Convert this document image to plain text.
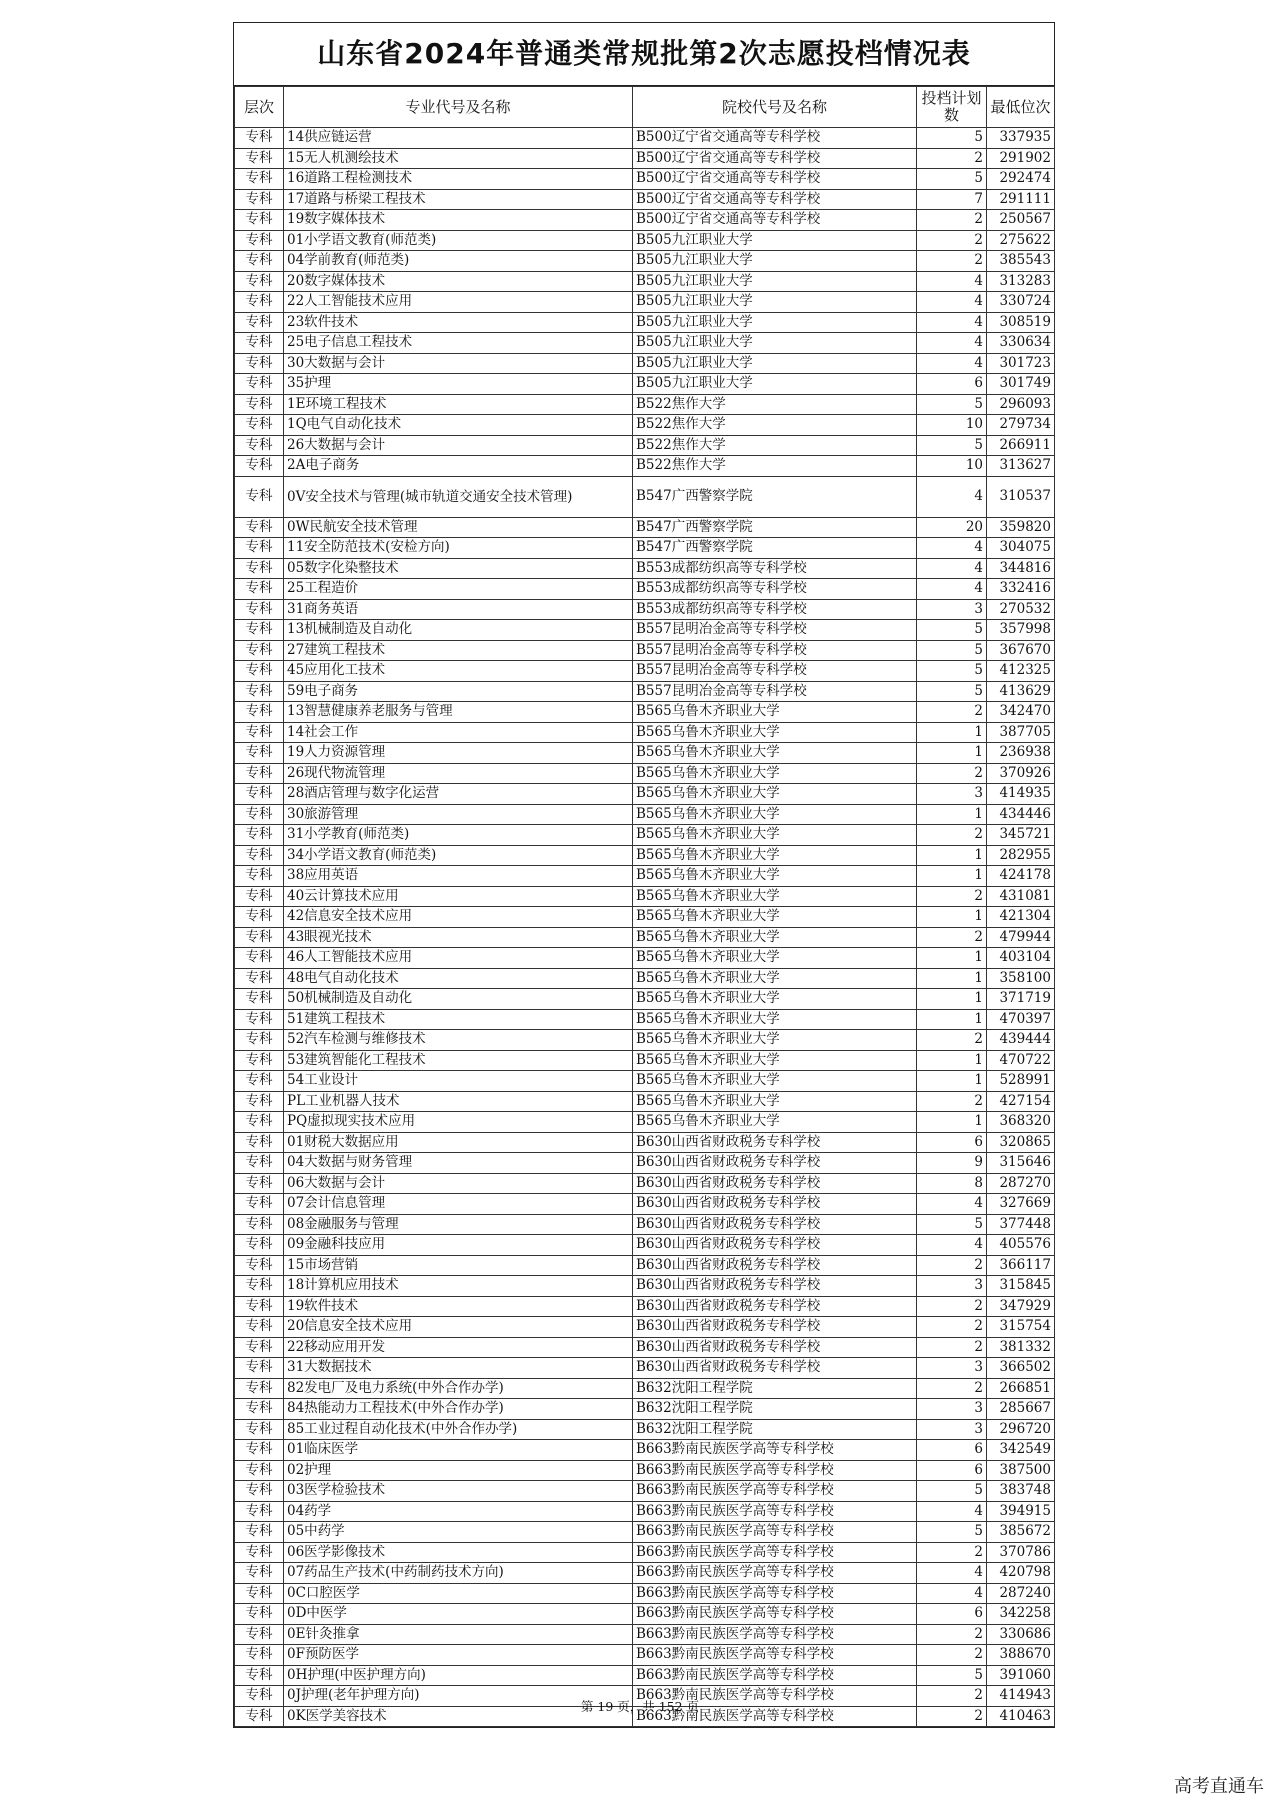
山东省2024年普通类常规批第2次志愿投档情况表
层次	专业代号及名称	院校代号及名称	投档计划数	最低位次
专科	14供应链运营	B500辽宁省交通高等专科学校	5	337935
专科	15无人机测绘技术	B500辽宁省交通高等专科学校	2	291902
专科	16道路工程检测技术	B500辽宁省交通高等专科学校	5	292474
专科	17道路与桥梁工程技术	B500辽宁省交通高等专科学校	7	291111
专科	19数字媒体技术	B500辽宁省交通高等专科学校	2	250567
专科	01小学语文教育(师范类)	B505九江职业大学	2	275622
专科	04学前教育(师范类)	B505九江职业大学	2	385543
专科	20数字媒体技术	B505九江职业大学	4	313283
专科	22人工智能技术应用	B505九江职业大学	4	330724
专科	23软件技术	B505九江职业大学	4	308519
专科	25电子信息工程技术	B505九江职业大学	4	330634
专科	30大数据与会计	B505九江职业大学	4	301723
专科	35护理	B505九江职业大学	6	301749
专科	1E环境工程技术	B522焦作大学	5	296093
专科	1Q电气自动化技术	B522焦作大学	10	279734
专科	26大数据与会计	B522焦作大学	5	266911
专科	2A电子商务	B522焦作大学	10	313627
专科	0V安全技术与管理(城市轨道交通安全技术管理)	B547广西警察学院	4	310537
专科	0W民航安全技术管理	B547广西警察学院	20	359820
专科	11安全防范技术(安检方向)	B547广西警察学院	4	304075
专科	05数字化染整技术	B553成都纺织高等专科学校	4	344816
专科	25工程造价	B553成都纺织高等专科学校	4	332416
专科	31商务英语	B553成都纺织高等专科学校	3	270532
专科	13机械制造及自动化	B557昆明冶金高等专科学校	5	357998
专科	27建筑工程技术	B557昆明冶金高等专科学校	5	367670
专科	45应用化工技术	B557昆明冶金高等专科学校	5	412325
专科	59电子商务	B557昆明冶金高等专科学校	5	413629
专科	13智慧健康养老服务与管理	B565乌鲁木齐职业大学	2	342470
专科	14社会工作	B565乌鲁木齐职业大学	1	387705
专科	19人力资源管理	B565乌鲁木齐职业大学	1	236938
专科	26现代物流管理	B565乌鲁木齐职业大学	2	370926
专科	28酒店管理与数字化运营	B565乌鲁木齐职业大学	3	414935
专科	30旅游管理	B565乌鲁木齐职业大学	1	434446
专科	31小学教育(师范类)	B565乌鲁木齐职业大学	2	345721
专科	34小学语文教育(师范类)	B565乌鲁木齐职业大学	1	282955
专科	38应用英语	B565乌鲁木齐职业大学	1	424178
专科	40云计算技术应用	B565乌鲁木齐职业大学	2	431081
专科	42信息安全技术应用	B565乌鲁木齐职业大学	1	421304
专科	43眼视光技术	B565乌鲁木齐职业大学	2	479944
专科	46人工智能技术应用	B565乌鲁木齐职业大学	1	403104
专科	48电气自动化技术	B565乌鲁木齐职业大学	1	358100
专科	50机械制造及自动化	B565乌鲁木齐职业大学	1	371719
专科	51建筑工程技术	B565乌鲁木齐职业大学	1	470397
专科	52汽车检测与维修技术	B565乌鲁木齐职业大学	2	439444
专科	53建筑智能化工程技术	B565乌鲁木齐职业大学	1	470722
专科	54工业设计	B565乌鲁木齐职业大学	1	528991
专科	PL工业机器人技术	B565乌鲁木齐职业大学	2	427154
专科	PQ虚拟现实技术应用	B565乌鲁木齐职业大学	1	368320
专科	01财税大数据应用	B630山西省财政税务专科学校	6	320865
专科	04大数据与财务管理	B630山西省财政税务专科学校	9	315646
专科	06大数据与会计	B630山西省财政税务专科学校	8	287270
专科	07会计信息管理	B630山西省财政税务专科学校	4	327669
专科	08金融服务与管理	B630山西省财政税务专科学校	5	377448
专科	09金融科技应用	B630山西省财政税务专科学校	4	405576
专科	15市场营销	B630山西省财政税务专科学校	2	366117
专科	18计算机应用技术	B630山西省财政税务专科学校	3	315845
专科	19软件技术	B630山西省财政税务专科学校	2	347929
专科	20信息安全技术应用	B630山西省财政税务专科学校	2	315754
专科	22移动应用开发	B630山西省财政税务专科学校	2	381332
专科	31大数据技术	B630山西省财政税务专科学校	3	366502
专科	82发电厂及电力系统(中外合作办学)	B632沈阳工程学院	2	266851
专科	84热能动力工程技术(中外合作办学)	B632沈阳工程学院	3	285667
专科	85工业过程自动化技术(中外合作办学)	B632沈阳工程学院	3	296720
专科	01临床医学	B663黔南民族医学高等专科学校	6	342549
专科	02护理	B663黔南民族医学高等专科学校	6	387500
专科	03医学检验技术	B663黔南民族医学高等专科学校	5	383748
专科	04药学	B663黔南民族医学高等专科学校	4	394915
专科	05中药学	B663黔南民族医学高等专科学校	5	385672
专科	06医学影像技术	B663黔南民族医学高等专科学校	2	370786
专科	07药品生产技术(中药制药技术方向)	B663黔南民族医学高等专科学校	4	420798
专科	0C口腔医学	B663黔南民族医学高等专科学校	4	287240
专科	0D中医学	B663黔南民族医学高等专科学校	6	342258
专科	0E针灸推拿	B663黔南民族医学高等专科学校	2	330686
专科	0F预防医学	B663黔南民族医学高等专科学校	2	388670
专科	0H护理(中医护理方向)	B663黔南民族医学高等专科学校	5	391060
专科	0J护理(老年护理方向)	B663黔南民族医学高等专科学校	2	414943
专科	0K医学美容技术	B663黔南民族医学高等专科学校	2	410463
第 19 页，共 152 页
高考直通车
